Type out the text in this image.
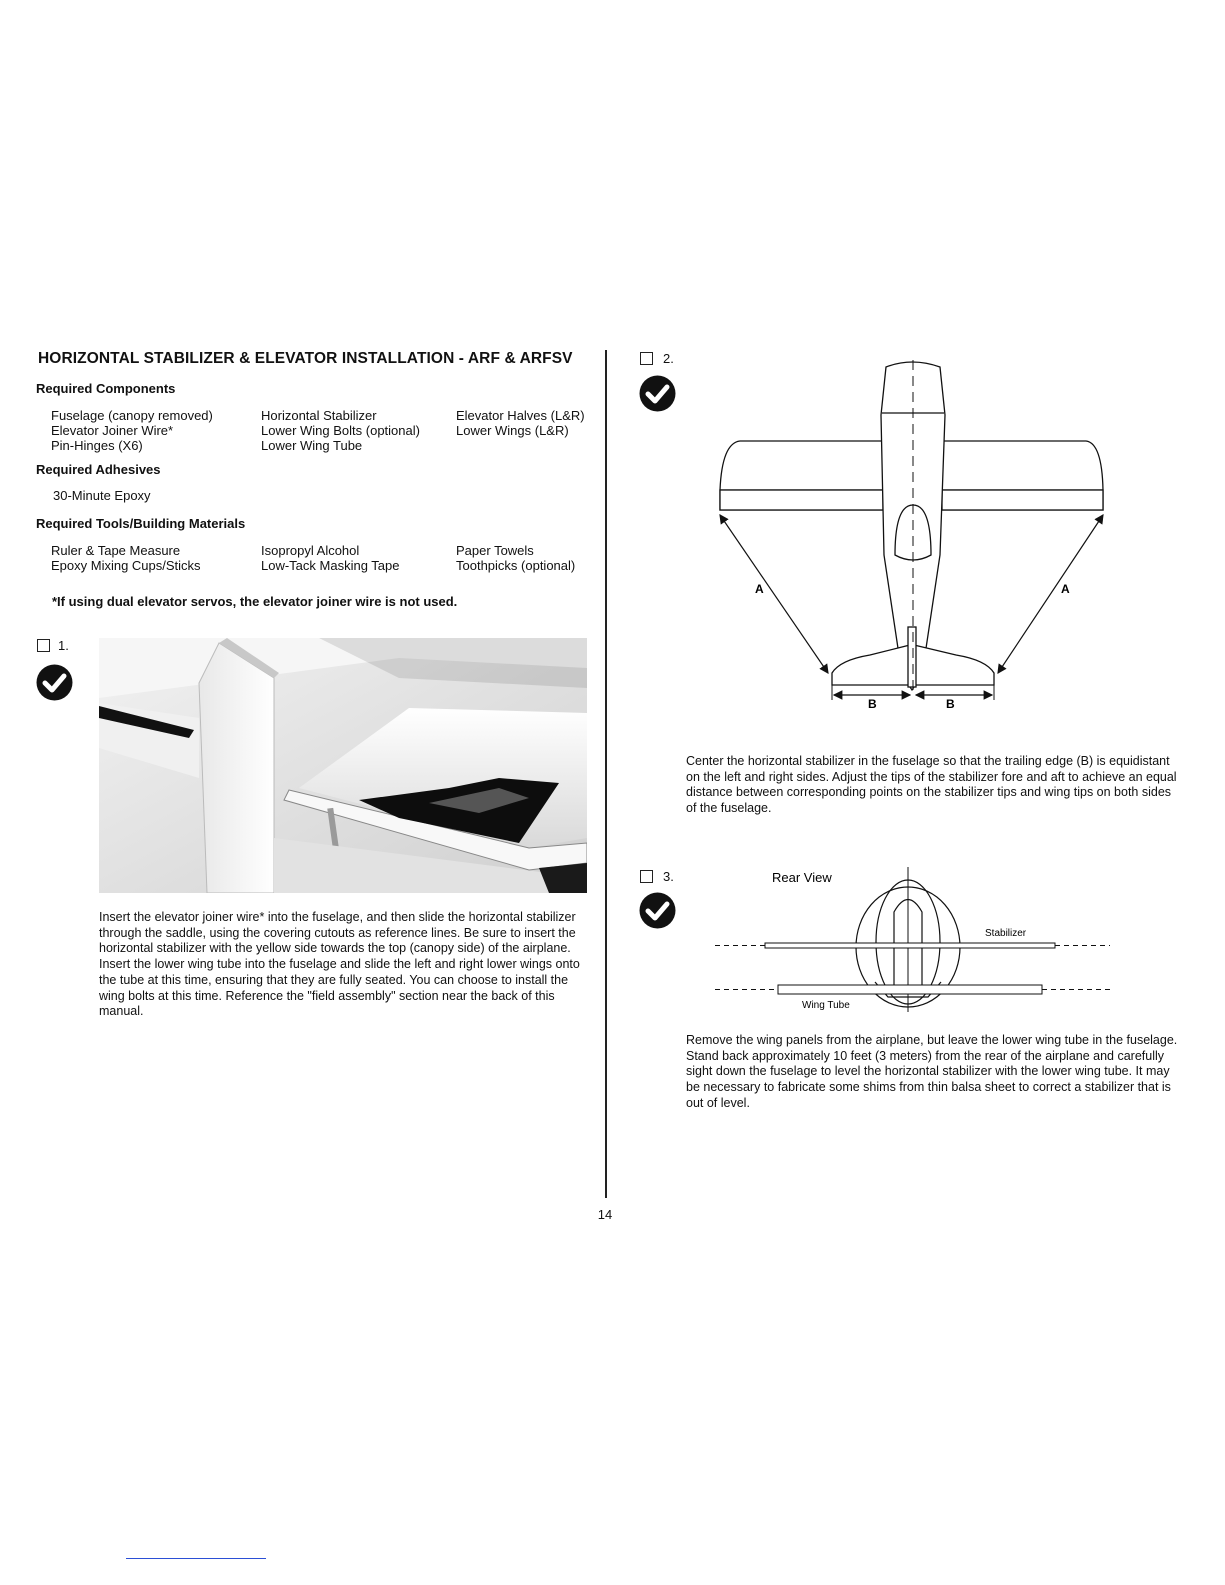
HORIZONTAL STABILIZER & ELEVATOR INSTALLATION - ARF & ARFSV
Required Components
Fuselage (canopy removed)	Horizontal Stabilizer	Elevator Halves (L&R)
Elevator Joiner Wire*	Lower Wing Bolts (optional)	Lower Wings (L&R)
Pin-Hinges (X6)	Lower Wing Tube
Required Adhesives
30-Minute Epoxy
Required Tools/Building Materials
Ruler & Tape Measure	Isopropyl Alcohol	Paper Towels
Epoxy Mixing Cups/Sticks	Low-Tack Masking Tape	Toothpicks (optional)
*If using dual elevator servos, the elevator joiner wire is not used.
1.
Insert the elevator joiner wire* into the fuselage, and then slide the horizontal stabilizer through the saddle, using the covering cutouts as reference lines. Be sure to insert the horizontal stabilizer with the yellow side towards the top (canopy side) of the airplane. Insert the lower wing tube into the fuselage and slide the left and right lower wings onto the tube at this time, ensuring that they are fully seated. You can choose to install the wing bolts at this time. Reference the "field assembly" section near the back of this manual.
2.
A	A
B	B
Center the horizontal stabilizer in the fuselage so that the trailing edge (B) is equidistant on the left and right sides. Adjust the tips of the stabilizer fore and aft to achieve an equal distance between corresponding points on the stabilizer tips and wing tips on both sides of the fuselage.
3.	Rear View
Stabilizer
Wing Tube
Remove the wing panels from the airplane, but leave the lower wing tube in the fuselage. Stand back approximately 10 feet (3 meters) from the rear of the airplane and carefully sight down the fuselage to level the horizontal stabilizer with the lower wing tube. It may be necessary to fabricate some shims from thin balsa sheet to correct a stabilizer that is out of level.
14
